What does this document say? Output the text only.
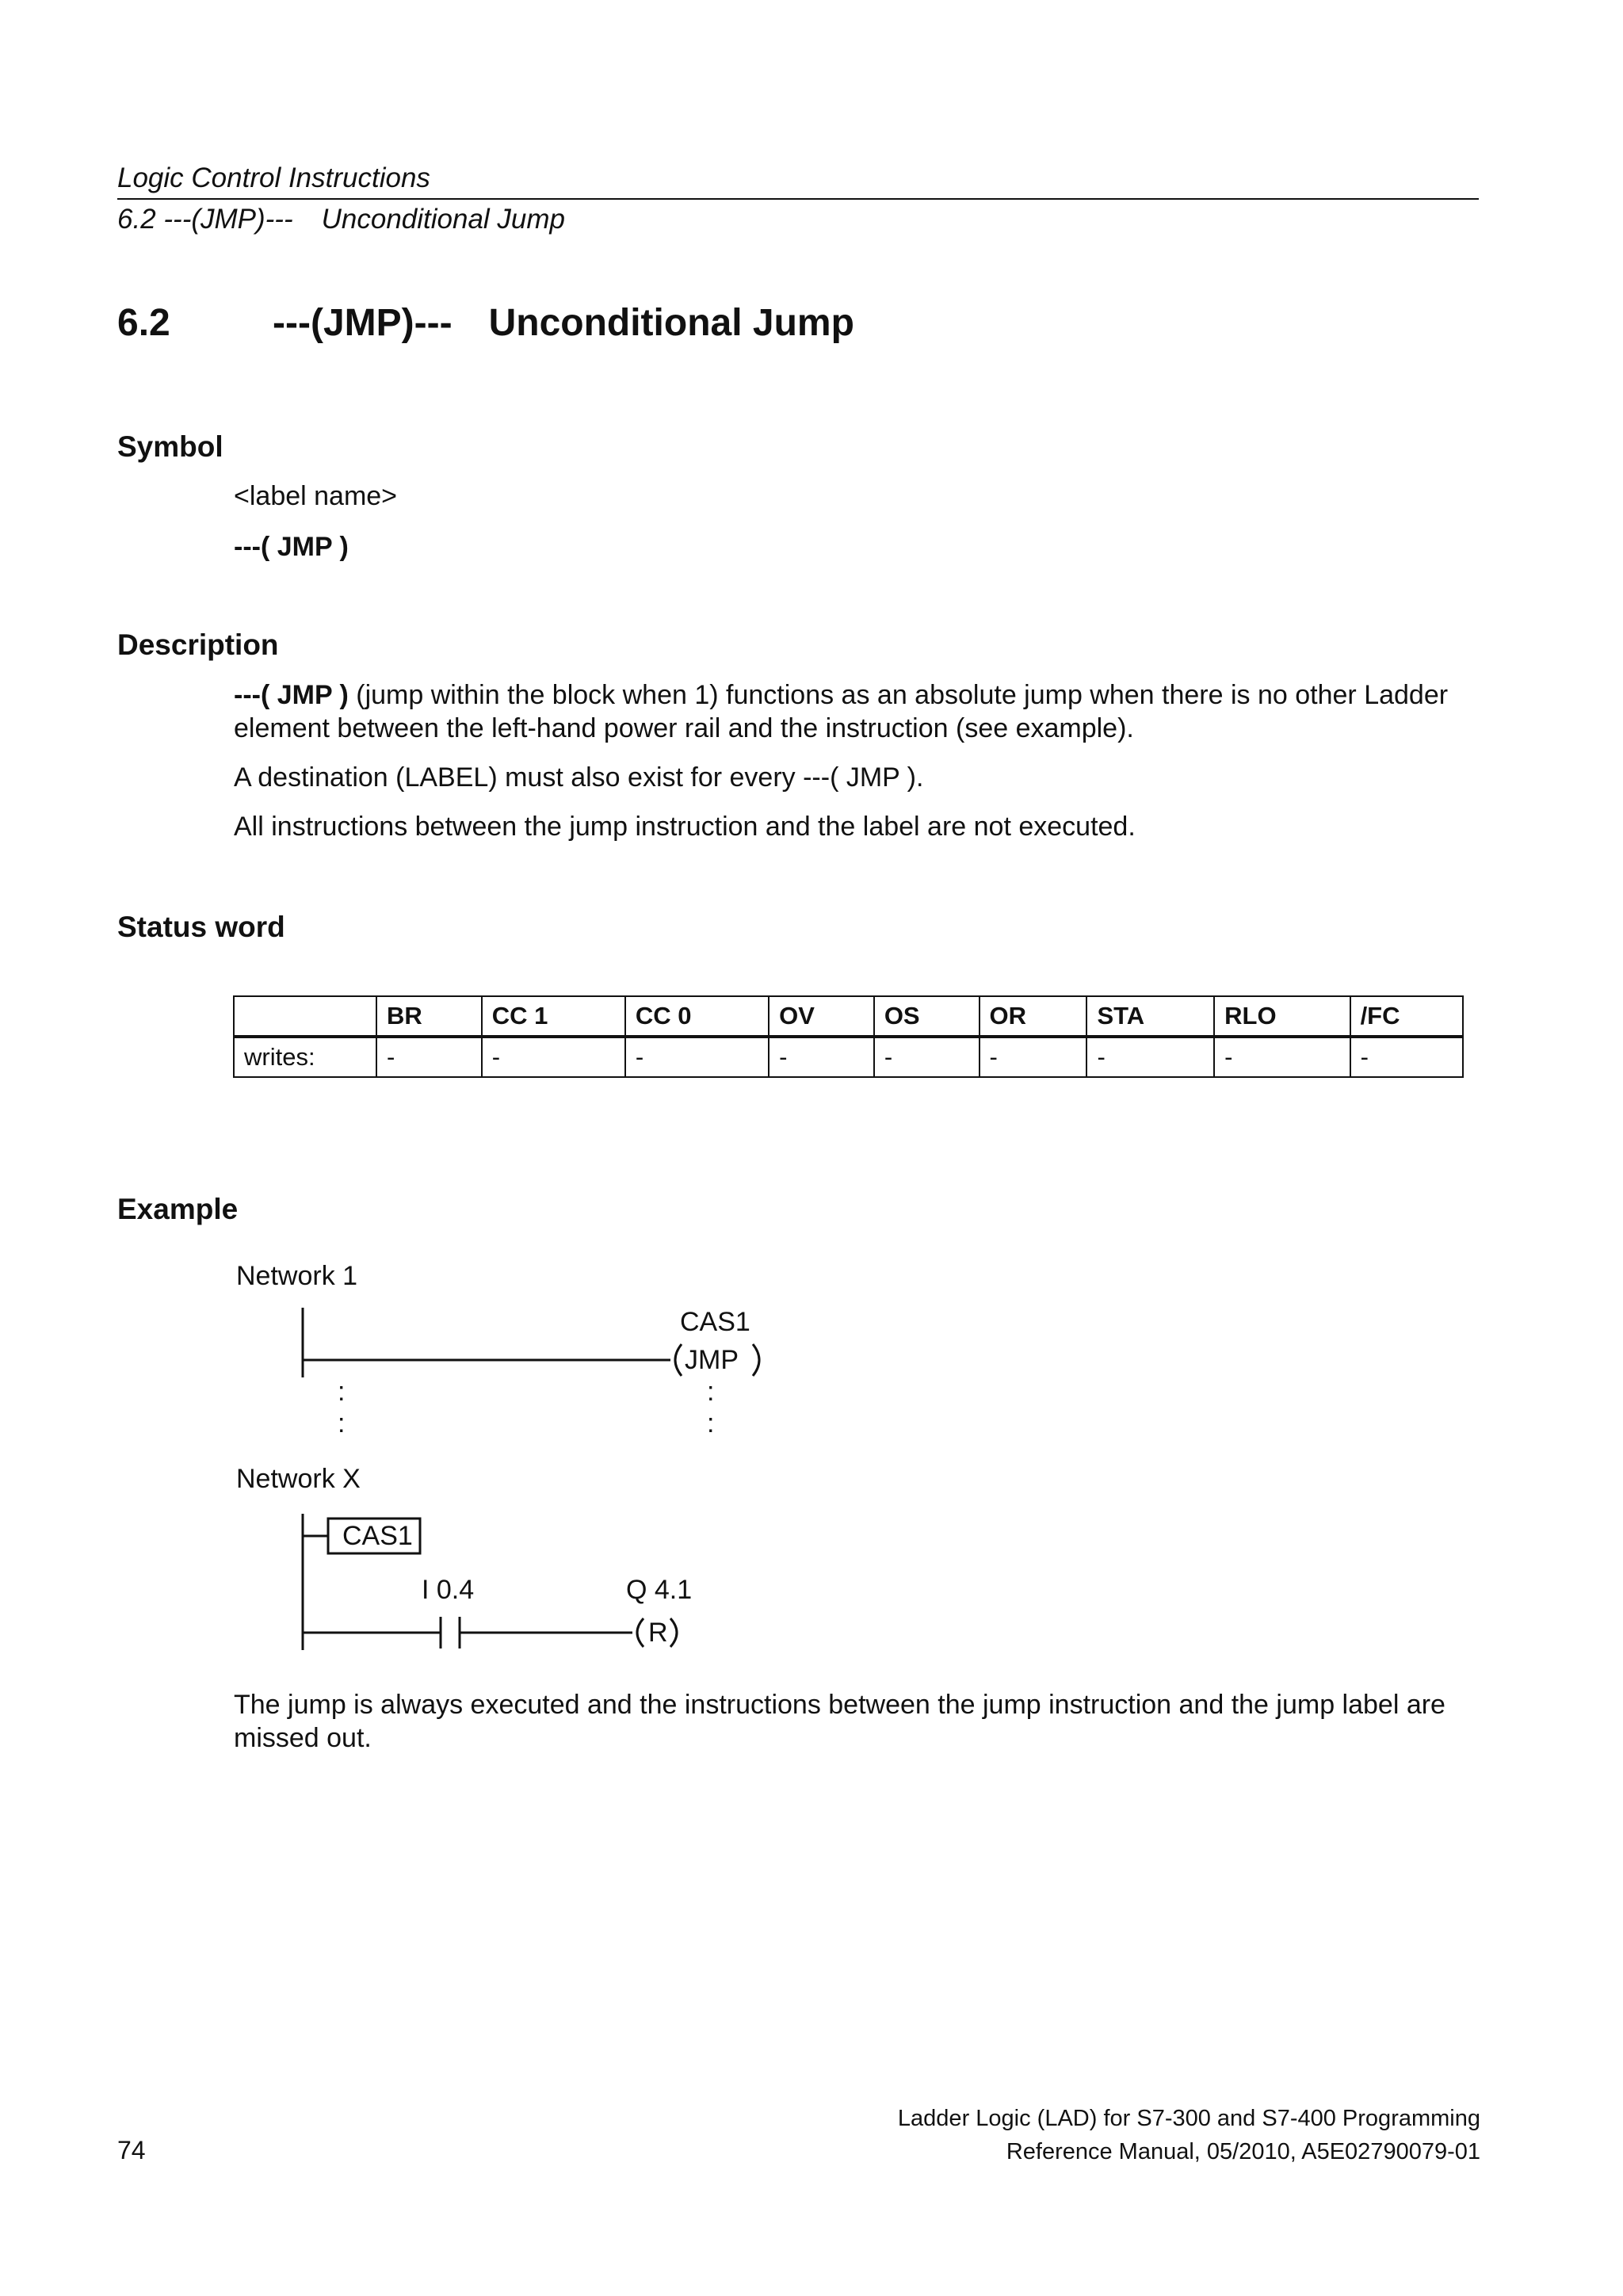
Logic Control Instructions
6.2 ---(JMP)--- Unconditional Jump
6.2	---(JMP)--- Unconditional Jump
Symbol

<label name>

---( JMP )

Description

---( JMP ) (jump within the block when 1) functions as an absolute jump when there is no other Ladder element between the left-hand power rail and the instruction (see example).

A destination (LABEL) must also exist for every ---( JMP ).

All instructions between the jump instruction and the label are not executed.

Status word
	BR	CC 1	CC 0	OV	OS	OR	STA	RLO	/FC
writes:	-	-	-	-	-	-	-	-	-
Example
Network 1
CAS1
JMP
:
:
:
:
Network X
CAS1
I 0.4	Q 4.1
R
The jump is always executed and the instructions between the jump instruction and the jump label are missed out.
74
Ladder Logic (LAD) for S7-300 and S7-400 Programming
Reference Manual, 05/2010, A5E02790079-01
